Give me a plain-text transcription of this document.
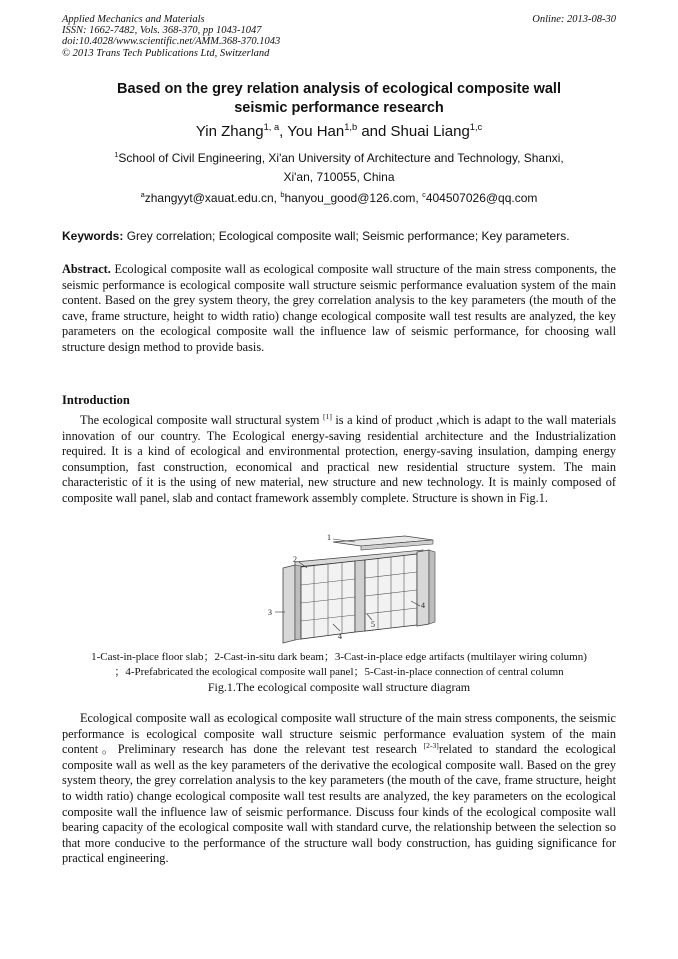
Applied Mechanics and Materials
ISSN: 1662-7482, Vols. 368-370, pp 1043-1047
doi:10.4028/www.scientific.net/AMM.368-370.1043
© 2013 Trans Tech Publications Ltd, Switzerland
Online: 2013-08-30
Based on the grey relation analysis of ecological composite wall
seismic performance research
Yin Zhang$^{1, a}$, You Han$^{1,b}$ and Shuai Liang$^{1,c}$
$^1$School of Civil Engineering, Xi'an University of Architecture and Technology, Shanxi,
Xi'an, 710055, China
$^a$zhangyyt@xauat.edu.cn, $^b$hanyou_good@126.com, $^c$404507026@qq.com
Keywords: Grey correlation; Ecological composite wall; Seismic performance; Key parameters.
Abstract. Ecological composite wall as ecological composite wall structure of the main stress components, the seismic performance is ecological composite wall structure seismic performance evaluation system of the main content. Based on the grey system theory, the grey correlation analysis to the key parameters (the mouth of the cave, frame structure, height to width ratio) change ecological composite wall test results are analyzed, the key parameters on the ecological composite wall the influence law of seismic performance, for choosing wall structure design method to provide basis.
Introduction
The ecological composite wall structural system [1] is a kind of product ,which is adapt to the wall materials innovation of our country. The Ecological energy-saving residential architecture and the Industrialization required. It is a kind of ecological and environmental protection, energy-saving insulation, damping energy consumption, fast construction, economical and practical new residential structure system. The main characteristic of it is the using of new material, new structure and new technology. It is mainly composed of composite wall panel, slab and contact framework assembly complete. Structure is shown in Fig.1.
1
2
3
4
4
5
1-Cast-in-place floor slab；2-Cast-in-situ dark beam；3-Cast-in-place edge artifacts (multilayer wiring column)
；4-Prefabricated the ecological composite wall panel；5-Cast-in-place connection of central column
Fig.1.The ecological composite wall structure diagram
Ecological composite wall as ecological composite wall structure of the main stress components, the seismic performance is ecological composite wall structure seismic performance evaluation system of the main content。Preliminary research has done the relevant test research [2-3]related to standard the ecological composite wall as well as the key parameters of the derivative the ecological composite wall. Based on the grey system theory, the grey correlation analysis to the key parameters (the mouth of the cave, frame structure, height to width ratio) change ecological composite wall test results are analyzed, the key parameters on the ecological composite wall the influence law of seismic performance. Discuss four kinds of the ecological composite wall bearing capacity of the ecological composite wall with standard curve, the relationship between the selection so that more conducive to the performance of the structure wall body construction, has guiding significance for practical engineering.
